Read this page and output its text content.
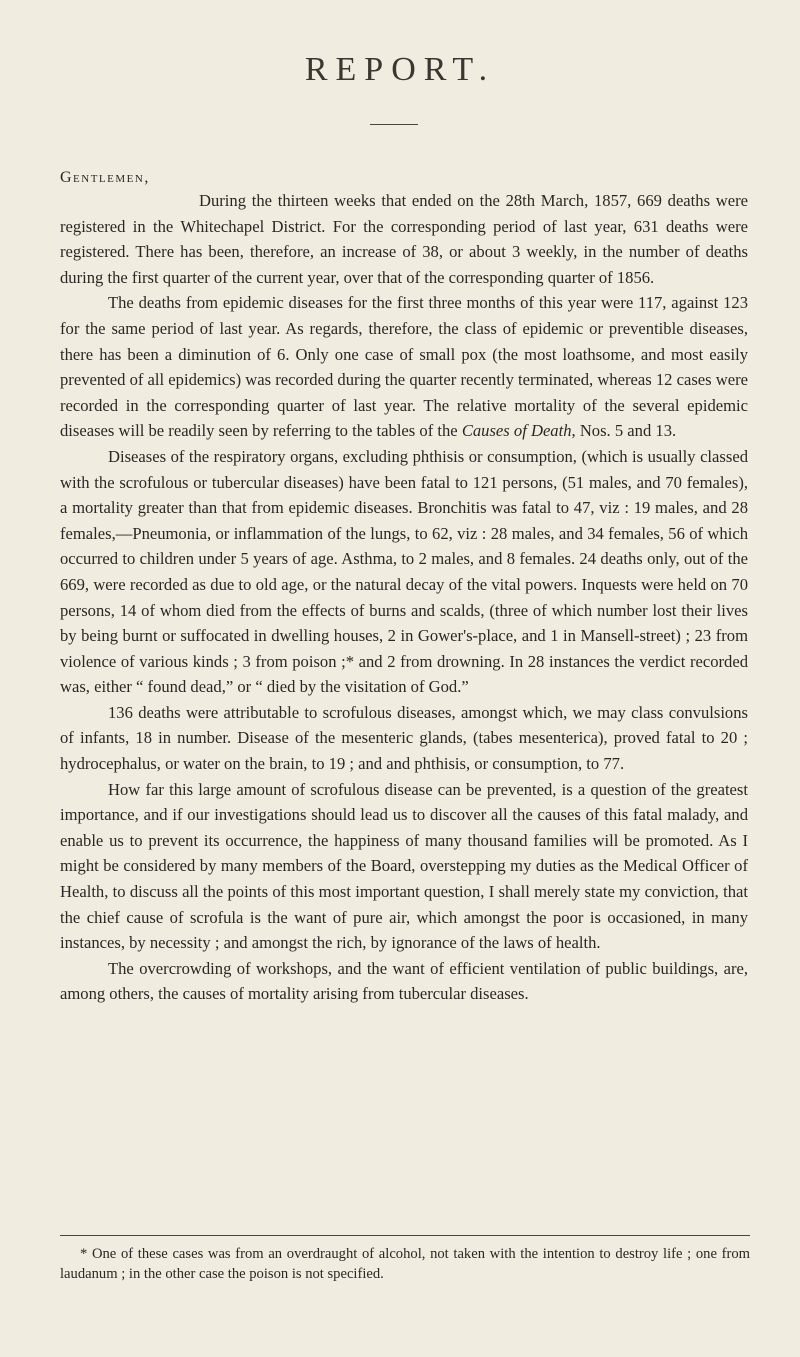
REPORT.
Gentlemen,

During the thirteen weeks that ended on the 28th March, 1857, 669 deaths were registered in the Whitechapel District. For the corresponding period of last year, 631 deaths were registered. There has been, therefore, an increase of 38, or about 3 weekly, in the number of deaths during the first quarter of the current year, over that of the corresponding quarter of 1856.

The deaths from epidemic diseases for the first three months of this year were 117, against 123 for the same period of last year. As regards, therefore, the class of epidemic or preventible diseases, there has been a diminution of 6. Only one case of small pox (the most loathsome, and most easily prevented of all epidemics) was recorded during the quarter recently terminated, whereas 12 cases were recorded in the corresponding quarter of last year. The relative mortality of the several epidemic diseases will be readily seen by referring to the tables of the Causes of Death, Nos. 5 and 13.

Diseases of the respiratory organs, excluding phthisis or consumption, (which is usually classed with the scrofulous or tubercular diseases) have been fatal to 121 persons, (51 males, and 70 females), a mortality greater than that from epidemic diseases. Bronchitis was fatal to 47, viz : 19 males, and 28 females,—Pneumonia, or inflammation of the lungs, to 62, viz : 28 males, and 34 females, 56 of which occurred to children under 5 years of age. Asthma, to 2 males, and 8 females. 24 deaths only, out of the 669, were recorded as due to old age, or the natural decay of the vital powers. Inquests were held on 70 persons, 14 of whom died from the effects of burns and scalds, (three of which number lost their lives by being burnt or suffocated in dwelling houses, 2 in Gower's-place, and 1 in Mansell-street) ; 23 from violence of various kinds ; 3 from poison ;* and 2 from drowning. In 28 instances the verdict recorded was, either “ found dead,” or “ died by the visitation of God.”

136 deaths were attributable to scrofulous diseases, amongst which, we may class convulsions of infants, 18 in number. Disease of the mesenteric glands, (tabes mesenterica), proved fatal to 20 ; hydrocephalus, or water on the brain, to 19 ; and and phthisis, or consumption, to 77.

How far this large amount of scrofulous disease can be prevented, is a question of the greatest importance, and if our investigations should lead us to discover all the causes of this fatal malady, and enable us to prevent its occurrence, the happiness of many thousand families will be promoted. As I might be considered by many members of the Board, overstepping my duties as the Medical Officer of Health, to discuss all the points of this most important question, I shall merely state my conviction, that the chief cause of scrofula is the want of pure air, which amongst the poor is occasioned, in many instances, by necessity ; and amongst the rich, by ignorance of the laws of health.

The overcrowding of workshops, and the want of efficient ventilation of public buildings, are, among others, the causes of mortality arising from tubercular diseases.

* One of these cases was from an overdraught of alcohol, not taken with the intention to destroy life ; one from laudanum ; in the other case the poison is not specified.
